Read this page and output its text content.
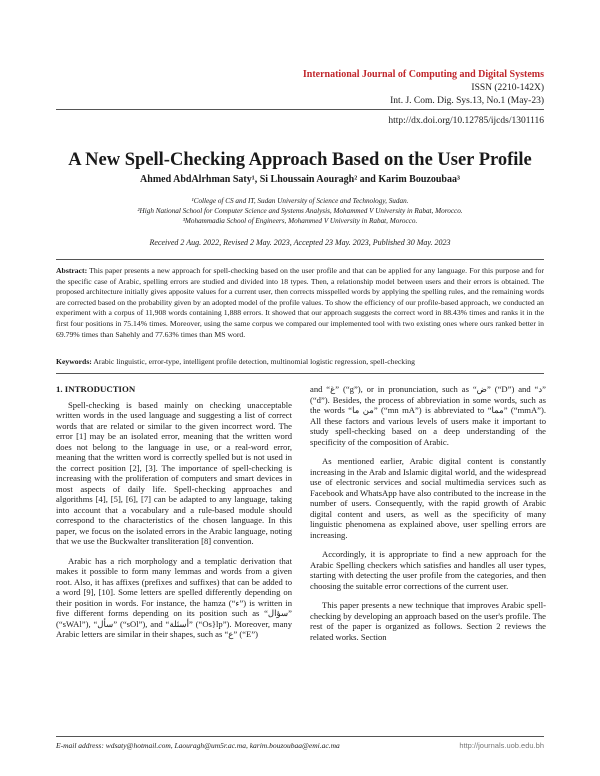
International Journal of Computing and Digital Systems
ISSN (2210-142X)
Int. J. Com. Dig. Sys.13, No.1 (May-23)
http://dx.doi.org/10.12785/ijcds/1301116
A New Spell-Checking Approach Based on the User Profile
Ahmed AbdAlrhman Saty¹, Si Lhoussain Aouragh² and Karim Bouzoubaa³
¹College of CS and IT, Sudan University of Science and Technology, Sudan.
²High National School for Computer Science and Systems Analysis, Mohammed V University in Rabat, Morocco.
³Mohammadia School of Engineers, Mohammed V University in Rabat, Morocco.
Received 2 Aug. 2022, Revised 2 May. 2023, Accepted 23 May. 2023, Published 30 May. 2023
Abstract: This paper presents a new approach for spell-checking based on the user profile and that can be applied for any language. For this purpose and for the specific case of Arabic, spelling errors are studied and divided into 18 types. Then, a relationship model between users and their errors is obtained. The proposed architecture initially gives apposite values for a current user, then corrects misspelled words by applying the spelling rules, and the remaining words are corrected based on the probability given by an adopted model of the profile values. To show the efficiency of our profile-based approach, we conducted an experiment with a corpus of 11,908 words containing 1,888 errors. It showed that our approach suggests the correct word in 88.43% times and ranks it in the first four positions in 75.14% times. Moreover, using the same corpus we compared our implemented tool with two existing ones where ours ranked better in 69.79% times than Sahehly and 77.63% times than MS word.
Keywords: Arabic linguistic, error-type, intelligent profile detection, multinomial logistic regression, spell-checking
1. INTRODUCTION

Spell-checking is based mainly on checking unacceptable written words in the used language and suggesting a list of correct words that are related or similar to the given incorrect word. The error [1] may be an isolated error, meaning that the written word does not belong to the language in use, or a real-word error, meaning that the written word is correctly spelled but is not used in the correct position [2], [3]. The importance of spell-checking is increasing with the proliferation of computers and smart devices in most aspects of daily life. Spell-checking approaches and algorithms [4], [5], [6], [7] can be adapted to any language, taking into account that a vocabulary and a rule-based module should correspond to the characteristics of the chosen language. In this paper, we focus on the isolated errors in the Arabic language, noting that we use the Buckwalter transliteration [8] convention.

Arabic has a rich morphology and a templatic derivation that makes it possible to form many lemmas and words from a given root. Also, it has affixes (prefixes and suffixes) that can be added to a word [9], [10]. Some letters are spelled differently depending on their position in words. For instance, the hamza (“ء”) is written in five different forms depending on its position such as “سؤال” (“sWAl”), “سأل” (“sOl”), and “أسئلة” (“Os}lp”). Moreover, many Arabic letters are similar in their shapes, such as “ع” (“E”)

and “غ” (“g”), or in pronunciation, such as “ض” (“D”) and “د” (“d”). Besides, the process of abbreviation in some words, such as the words “من ما” (“mn mA”) is abbreviated to “مما” (“mmA”). All these factors and various levels of users make it important to study spell-checking based on a deep understanding of the specificity of the composition of Arabic.

As mentioned earlier, Arabic digital content is constantly increasing in the Arab and Islamic digital world, and the widespread use of electronic services and social multimedia services such as Facebook and WhatsApp have also contributed to the increase in the number of users. Consequently, with the rapid growth of Arabic digital content and users, as well as the specificity of many linguistic phenomena as explained above, user spelling errors are increasing.

Accordingly, it is appropriate to find a new approach for the Arabic Spelling checkers which satisfies and handles all user types, starting with detecting the user profile from the categories, and then choosing the suitable error corrections of the current user.

This paper presents a new technique that improves Arabic spell-checking by developing an approach based on the user's profile. The rest of the paper is organized as follows. Section 2 reviews the related works. Section

E-mail address: wdsaty@hotmail.com, Laouragh@um5r.ac.ma, karim.bouzoubaa@emi.ac.ma	http://journals.uob.edu.bh
